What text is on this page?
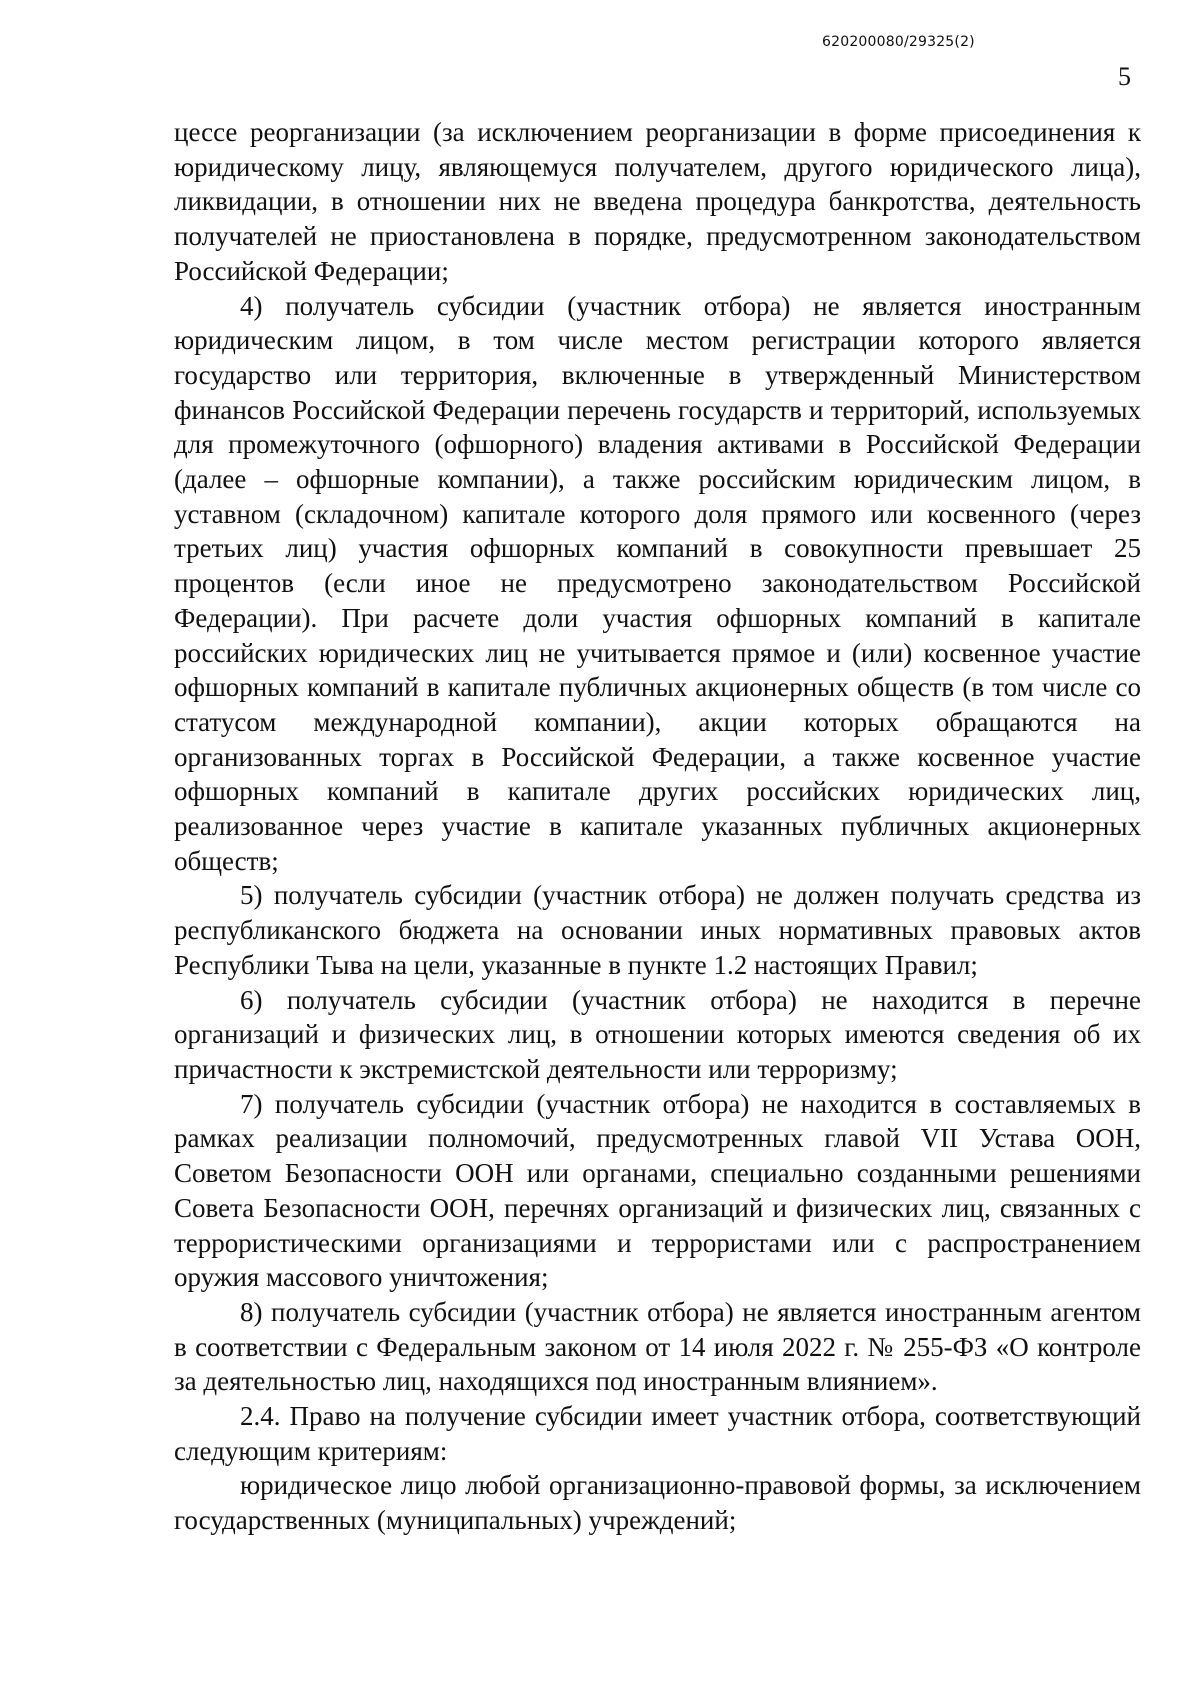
620200080/29325(2)
5

цессе реорганизации (за исключением реорганизации в форме присоединения к юридическому лицу, являющемуся получателем, другого юридического лица), ликвидации, в отношении них не введена процедура банкротства, деятельность получателей не приостановлена в порядке, предусмотренном законодательством Российской Федерации;

4) получатель субсидии (участник отбора) не является иностранным юридическим лицом, в том числе местом регистрации которого является государство или территория, включенные в утвержденный Министерством финансов Российской Федерации перечень государств и территорий, используемых для промежуточного (офшорного) владения активами в Российской Федерации (далее – офшорные компании), а также российским юридическим лицом, в уставном (складочном) капитале которого доля прямого или косвенного (через третьих лиц) участия офшорных компаний в совокупности превышает 25 процентов (если иное не предусмотрено законодательством Российской Федерации). При расчете доли участия офшорных компаний в капитале российских юридических лиц не учитывается прямое и (или) косвенное участие офшорных компаний в капитале публичных акционерных обществ (в том числе со статусом международной компании), акции которых обращаются на организованных торгах в Российской Федерации, а также косвенное участие офшорных компаний в капитале других российских юридических лиц, реализованное через участие в капитале указанных публичных акционерных обществ;

5) получатель субсидии (участник отбора) не должен получать средства из республиканского бюджета на основании иных нормативных правовых актов Республики Тыва на цели, указанные в пункте 1.2 настоящих Правил;

6) получатель субсидии (участник отбора) не находится в перечне организаций и физических лиц, в отношении которых имеются сведения об их причастности к экстремистской деятельности или терроризму;

7) получатель субсидии (участник отбора) не находится в составляемых в рамках реализации полномочий, предусмотренных главой VII Устава ООН, Советом Безопасности ООН или органами, специально созданными решениями Совета Безопасности ООН, перечнях организаций и физических лиц, связанных с террористическими организациями и террористами или с распространением оружия массового уничтожения;

8) получатель субсидии (участник отбора) не является иностранным агентом в соответствии с Федеральным законом от 14 июля 2022 г. № 255-ФЗ «О контроле за деятельностью лиц, находящихся под иностранным влиянием».

2.4. Право на получение субсидии имеет участник отбора, соответствующий следующим критериям:

юридическое лицо любой организационно-правовой формы, за исключением государственных (муниципальных) учреждений;
